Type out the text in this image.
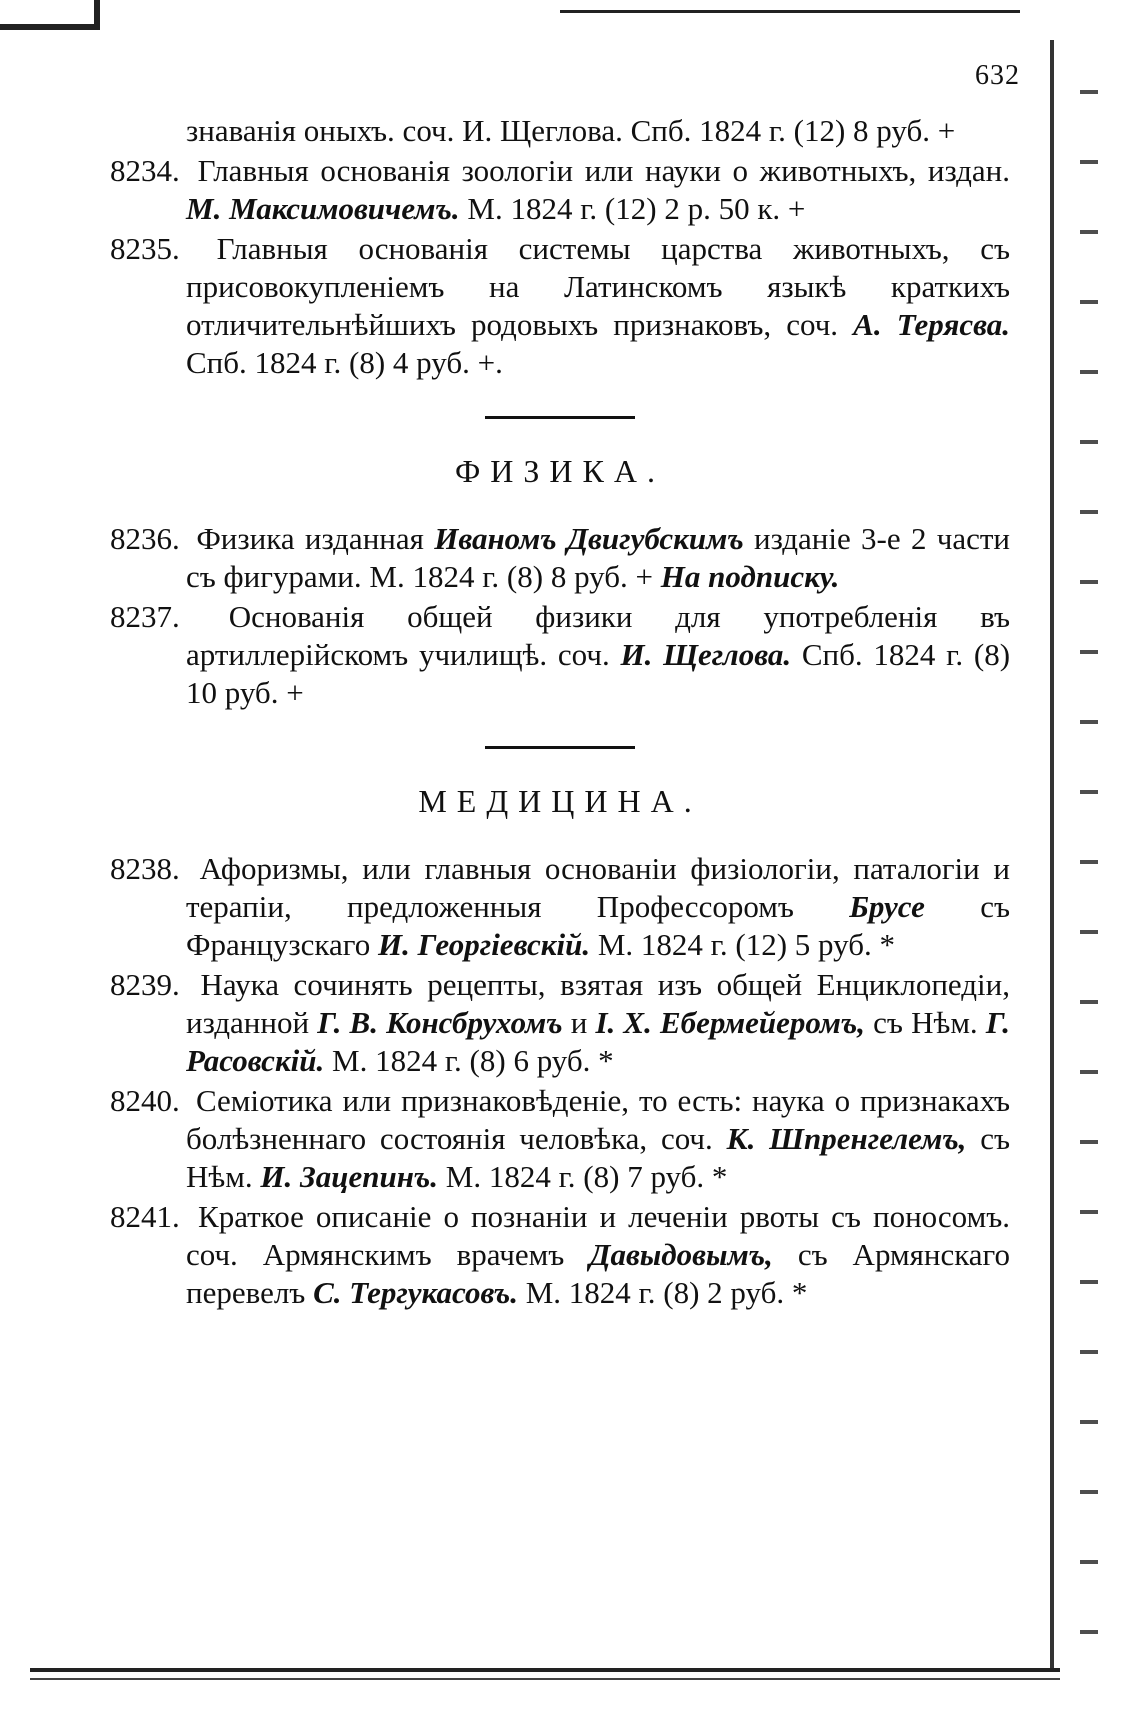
632

знаванія оныхъ. соч. И. Щеглова. Спб. 1824 г. (12) 8 руб. +

8234. Главныя основанія зоологіи или науки о животныхъ, издан. М. Максимовичемъ. М. 1824 г. (12) 2 р. 50 к. +

8235. Главныя основанія системы царства животныхъ, съ присовокупленіемъ на Латинскомъ языкѣ краткихъ отличительнѣйшихъ родовыхъ признаковъ, соч. А. Терясва. Спб. 1824 г. (8) 4 руб. +.

ФИЗИКА.

8236. Физика изданная Иваномъ Двигубскимъ изданіе 3-е 2 части съ фигурами. М. 1824 г. (8) 8 руб. + На подписку.

8237. Основанія общей физики для употребленія въ артиллерійскомъ училищѣ. соч. И. Щеглова. Спб. 1824 г. (8) 10 руб. +

МЕДИЦИНА.

8238. Афоризмы, или главныя основаніи физіологіи, паталогіи и терапіи, предложенныя Профессоромъ Брусе съ Французскаго И. Георгіевскій. М. 1824 г. (12) 5 руб. *

8239. Наука сочинять рецепты, взятая изъ общей Енциклопедіи, изданной Г. В. Консбрухомъ и І. Х. Ебермейеромъ, съ Нѣм. Г. Расовскій. М. 1824 г. (8) 6 руб. *

8240. Семіотика или признаковѣденіе, то есть: наука о признакахъ болѣзненнаго состоянія человѣка, соч. К. Шпренгелемъ, съ Нѣм. И. Зацепинъ. М. 1824 г. (8) 7 руб. *

8241. Краткое описаніе о познаніи и леченіи рвоты съ поносомъ. соч. Армянскимъ врачемъ Давыдовымъ, съ Армянскаго перевелъ С. Тергукасовъ. М. 1824 г. (8) 2 руб. *
